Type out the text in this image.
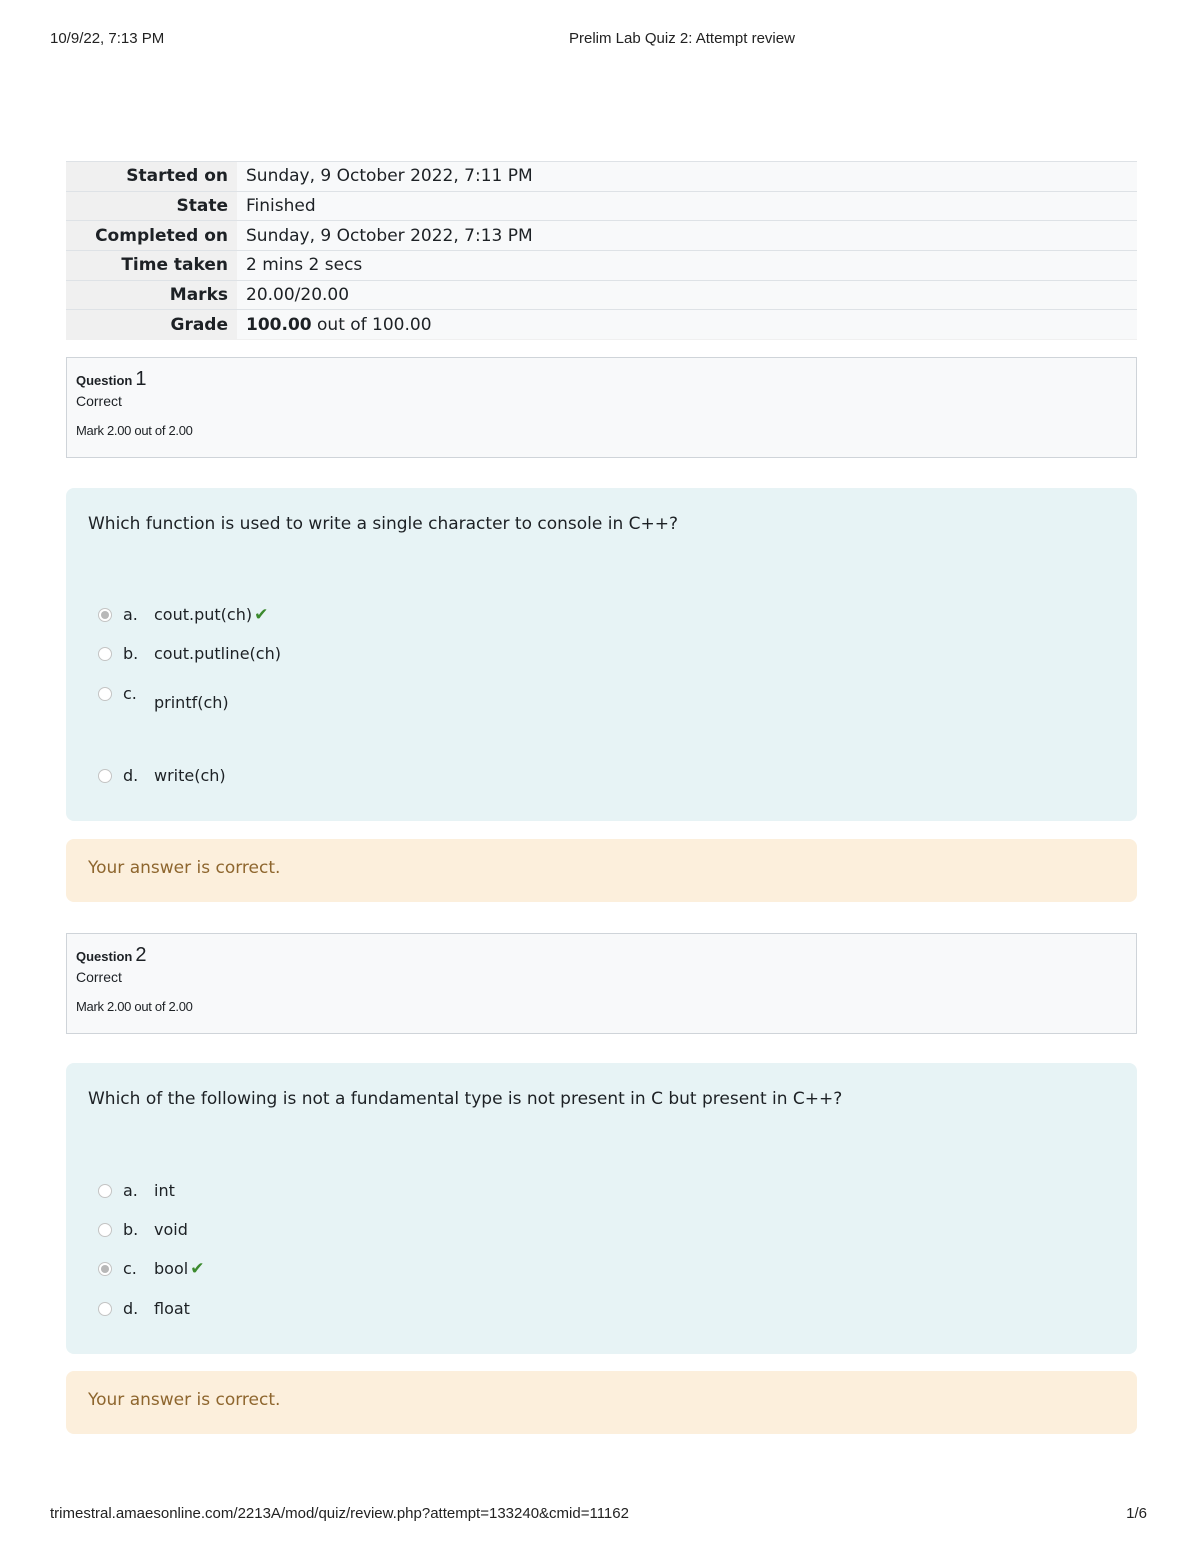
10/9/22, 7:13 PM	Prelim Lab Quiz 2: Attempt review
Started on	Sunday, 9 October 2022, 7:11 PM
State	Finished
Completed on	Sunday, 9 October 2022, 7:13 PM
Time taken	2 mins 2 secs
Marks	20.00/20.00
Grade	100.00 out of 100.00
Question 1
Correct
Mark 2.00 out of 2.00
Which function is used to write a single character to console in C++?
a. cout.put(ch) ✔
b. cout.putline(ch)
c. printf(ch)
d. write(ch)
Your answer is correct.
Question 2
Correct
Mark 2.00 out of 2.00
Which of the following is not a fundamental type is not present in C but present in C++?
a. int
b. void
c. bool ✔
d. float
Your answer is correct.
trimestral.amaesonline.com/2213A/mod/quiz/review.php?attempt=133240&cmid=11162	1/6
